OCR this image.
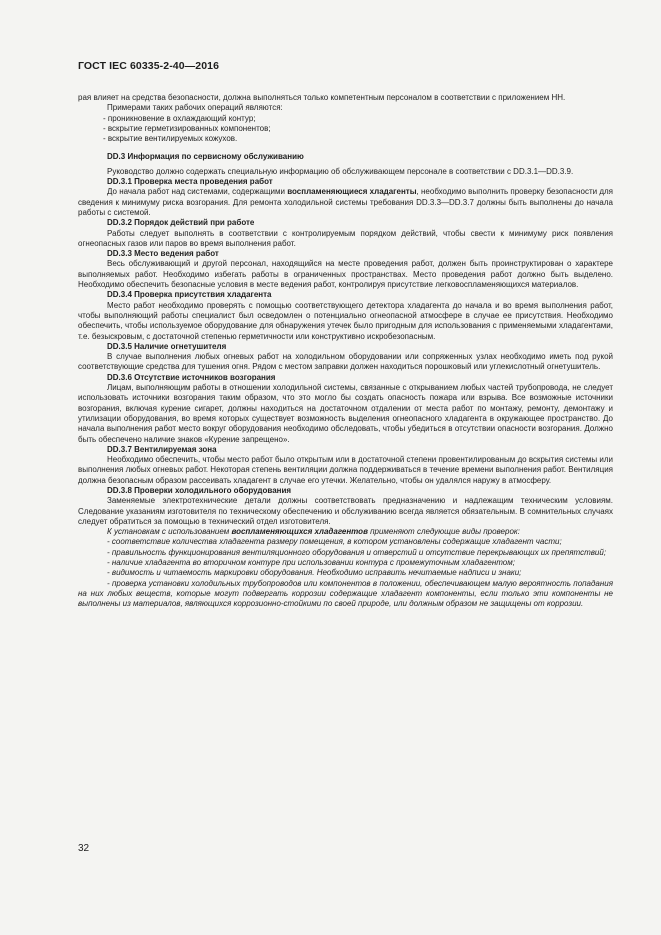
ГОСТ IEC 60335-2-40—2016

рая влияет на средства безопасности, должна выполняться только компетентным персоналом в соответствии с приложением НН.

Примерами таких рабочих операций являются:

- проникновение в охлаждающий контур;

- вскрытие герметизированных компонентов;

- вскрытие вентилируемых кожухов.

DD.3 Информация по сервисному обслуживанию

Руководство должно содержать специальную информацию об обслуживающем персонале в соответствии с DD.3.1—DD.3.9.

DD.3.1 Проверка места проведения работ

До начала работ над системами, содержащими воспламеняющиеся хладагенты, необходимо выполнить проверку безопасности для сведения к минимуму риска возгорания. Для ремонта холодильной системы требования DD.3.3—DD.3.7 должны быть выполнены до начала работы с системой.

DD.3.2 Порядок действий при работе

Работы следует выполнять в соответствии с контролируемым порядком действий, чтобы свести к минимуму риск появления огнеопасных газов или паров во время выполнения работ.

DD.3.3 Место ведения работ

Весь обслуживающий и другой персонал, находящийся на месте проведения работ, должен быть проинструктирован о характере выполняемых работ. Необходимо избегать работы в ограниченных пространствах. Место проведения работ должно быть выделено. Необходимо обеспечить безопасные условия в месте ведения работ, контролируя присутствие легковоспламеняющихся материалов.

DD.3.4 Проверка присутствия хладагента

Место работ необходимо проверять с помощью соответствующего детектора хладагента до начала и во время выполнения работ, чтобы выполняющий работы специалист был осведомлен о потенциально огнеопасной атмосфере в случае ее присутствия. Необходимо обеспечить, чтобы используемое оборудование для обнаружения утечек было пригодным для использования с применяемыми хладагентами, т.е. безыскровым, с достаточной степенью герметичности или конструктивно искробезопасным.

DD.3.5 Наличие огнетушителя

В случае выполнения любых огневых работ на холодильном оборудовании или сопряженных узлах необходимо иметь под рукой соответствующие средства для тушения огня. Рядом с местом заправки должен находиться порошковый или углекислотный огнетушитель.

DD.3.6 Отсутствие источников возгорания

Лицам, выполняющим работы в отношении холодильной системы, связанные с открыванием любых частей трубопровода, не следует использовать источники возгорания таким образом, что это могло бы создать опасность пожара или взрыва. Все возможные источники возгорания, включая курение сигарет, должны находиться на достаточном отдалении от места работ по монтажу, ремонту, демонтажу и утилизации оборудования, во время которых существует возможность выделения огнеопасного хладагента в окружающее пространство. До начала выполнения работ место вокруг оборудования необходимо обследовать, чтобы убедиться в отсутствии опасности возгорания. Должно быть обеспечено наличие знаков «Курение запрещено».

DD.3.7 Вентилируемая зона

Необходимо обеспечить, чтобы место работ было открытым или в достаточной степени провентилированым до вскрытия системы или выполнения любых огневых работ. Некоторая степень вентиляции должна поддерживаться в течение времени выполнения работ. Вентиляция должна безопасным образом рассеивать хладагент в случае его утечки. Желательно, чтобы он удалялся наружу в атмосферу.

DD.3.8 Проверки холодильного оборудования

Заменяемые электротехнические детали должны соответствовать предназначению и надлежащим техническим условиям. Следование указаниям изготовителя по техническому обеспечению и обслуживанию всегда является обязательным. В сомнительных случаях следует обратиться за помощью в технический отдел изготовителя.

К установкам с использованием воспламеняющихся хладагентов применяют следующие виды проверок:

- соответствие количества хладагента размеру помещения, в котором установлены содержащие хладагент части;

- правильность функционирования вентиляционного оборудования и отверстий и отсутствие перекрывающих их препятствий;

- наличие хладагента во вторичном контуре при использовании контура с промежуточным хладагентом;

- видимость и читаемость маркировки оборудования. Необходимо исправить нечитаемые надписи и знаки;

- проверка установки холодильных трубопроводов или компонентов в положении, обеспечивающем малую вероятность попадания на них любых веществ, которые могут подвергать коррозии содержащие хладагент компоненты, если только эти компоненты не выполнены из материалов, являющихся коррозионно-стойкими по своей природе, или должным образом не защищены от коррозии.

32
